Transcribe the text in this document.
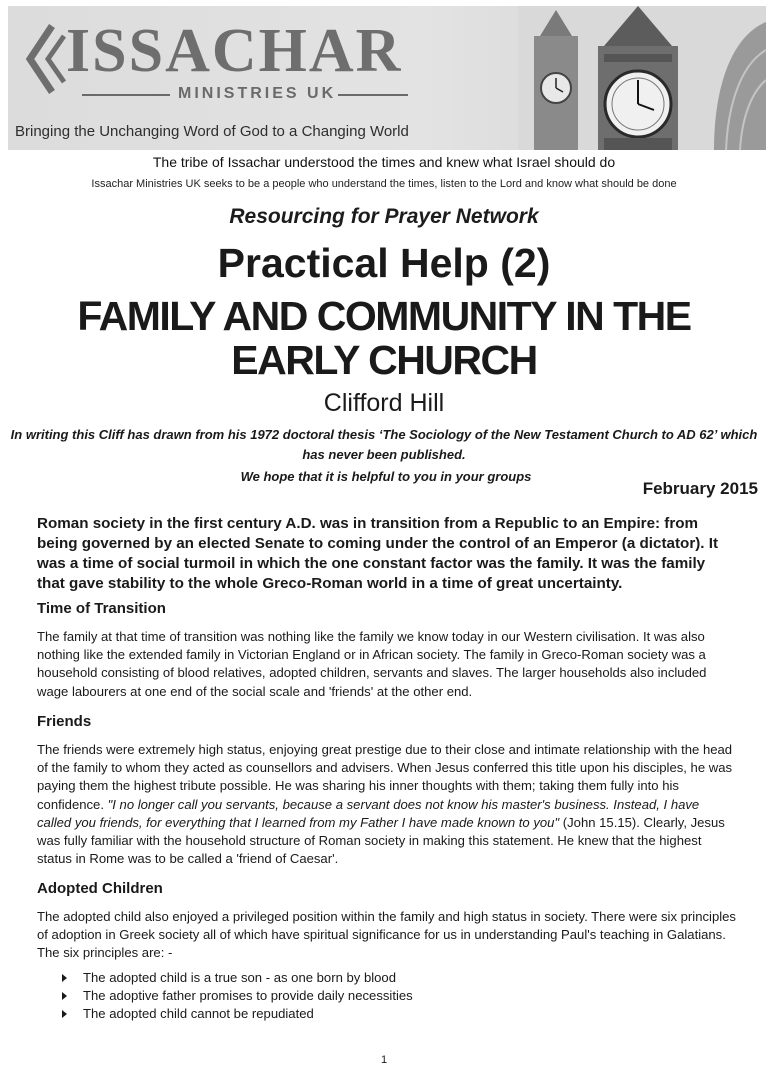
ISSACHAR
MINISTRIES UK
Bringing the Unchanging Word of God to a Changing World
The tribe of Issachar understood the times and knew what Israel should do
Issachar Ministries UK seeks to be a people who understand the times, listen to the Lord and know what should be done
Resourcing for Prayer Network
Practical Help (2)
FAMILY AND COMMUNITY IN THE EARLY CHURCH
Clifford Hill
In writing this Cliff has drawn from his 1972 doctoral thesis ‘The Sociology of the New Testament Church to AD 62’ which has never been published.
We hope that it is helpful to you in your groups
February 2015
Roman society in the first century A.D. was in transition from a Republic to an Empire: from being governed by an elected Senate to coming under the control of an Emperor (a dictator). It was a time of social turmoil in which the one constant factor was the family. It was the family that gave stability to the whole Greco-Roman world in a time of great uncertainty.
Time of Transition

The family at that time of transition was nothing like the family we know today in our Western civilisation. It was also nothing like the extended family in Victorian England or in African society. The family in Greco-Roman society was a household consisting of blood relatives, adopted children, servants and slaves. The larger households also included wage labourers at one end of the social scale and 'friends' at the other end.

Friends

The friends were extremely high status, enjoying great prestige due to their close and intimate relationship with the head of the family to whom they acted as counsellors and advisers. When Jesus conferred this title upon his disciples, he was paying them the highest tribute possible. He was sharing his inner thoughts with them; taking them fully into his confidence. "I no longer call you servants, because a servant does not know his master's business. Instead, I have called you friends, for everything that I learned from my Father I have made known to you" (John 15.15). Clearly, Jesus was fully familiar with the household structure of Roman society in making this statement. He knew that the highest status in Rome was to be called a 'friend of Caesar'.

Adopted Children

The adopted child also enjoyed a privileged position within the family and high status in society. There were six principles of adoption in Greek society all of which have spiritual significance for us in understanding Paul's teaching in Galatians. The six principles are: -

The adopted child is a true son - as one born by blood
The adoptive father promises to provide daily necessities
The adopted child cannot be repudiated
1
